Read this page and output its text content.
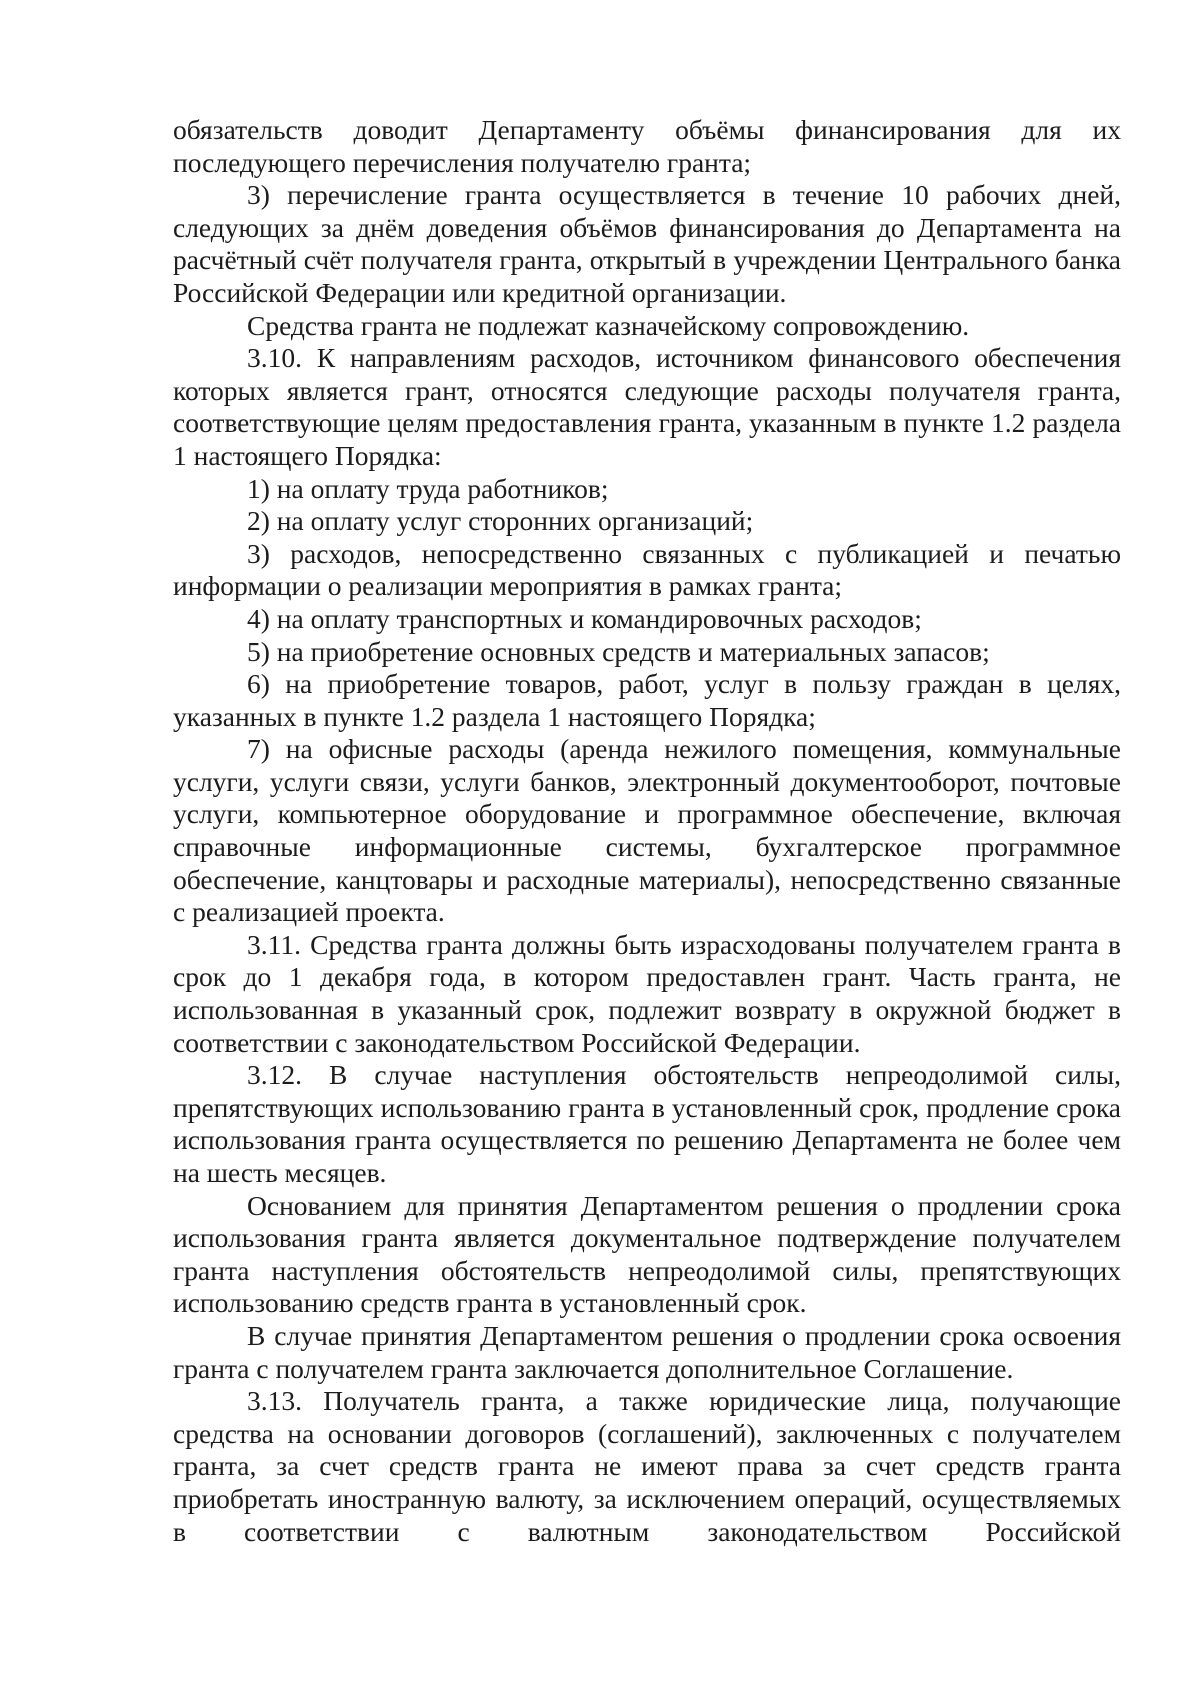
обязательств доводит Департаменту объёмы финансирования для их последующего перечисления получателю гранта;

3) перечисление гранта осуществляется в течение 10 рабочих дней, следующих за днём доведения объёмов финансирования до Департамента на расчётный счёт получателя гранта, открытый в учреждении Центрального банка Российской Федерации или кредитной организации.

Средства гранта не подлежат казначейскому сопровождению.

3.10. К направлениям расходов, источником финансового обеспечения которых является грант, относятся следующие расходы получателя гранта, соответствующие целям предоставления гранта, указанным в пункте 1.2 раздела 1 настоящего Порядка:

1) на оплату труда работников;

2) на оплату услуг сторонних организаций;

3) расходов, непосредственно связанных с публикацией и печатью информации о реализации мероприятия в рамках гранта;

4) на оплату транспортных и командировочных расходов;

5) на приобретение основных средств и материальных запасов;

6) на приобретение товаров, работ, услуг в пользу граждан в целях, указанных в пункте 1.2 раздела 1 настоящего Порядка;

7) на офисные расходы (аренда нежилого помещения, коммунальные услуги, услуги связи, услуги банков, электронный документооборот, почтовые услуги, компьютерное оборудование и программное обеспечение, включая справочные информационные системы, бухгалтерское программное обеспечение, канцтовары и расходные материалы), непосредственно связанные с реализацией проекта.

3.11. Средства гранта должны быть израсходованы получателем гранта в срок до 1 декабря года, в котором предоставлен грант. Часть гранта, не использованная в указанный срок, подлежит возврату в окружной бюджет в соответствии с законодательством Российской Федерации.

3.12. В случае наступления обстоятельств непреодолимой силы, препятствующих использованию гранта в установленный срок, продление срока использования гранта осуществляется по решению Департамента не более чем на шесть месяцев.

Основанием для принятия Департаментом решения о продлении срока использования гранта является документальное подтверждение получателем гранта наступления обстоятельств непреодолимой силы, препятствующих использованию средств гранта в установленный срок.

В случае принятия Департаментом решения о продлении срока освоения гранта с получателем гранта заключается дополнительное Соглашение.

3.13. Получатель гранта, а также юридические лица, получающие средства на основании договоров (соглашений), заключенных с получателем гранта, за счет средств гранта не имеют права за счет средств гранта приобретать иностранную валюту, за исключением операций, осуществляемых в соответствии с валютным законодательством Российской
